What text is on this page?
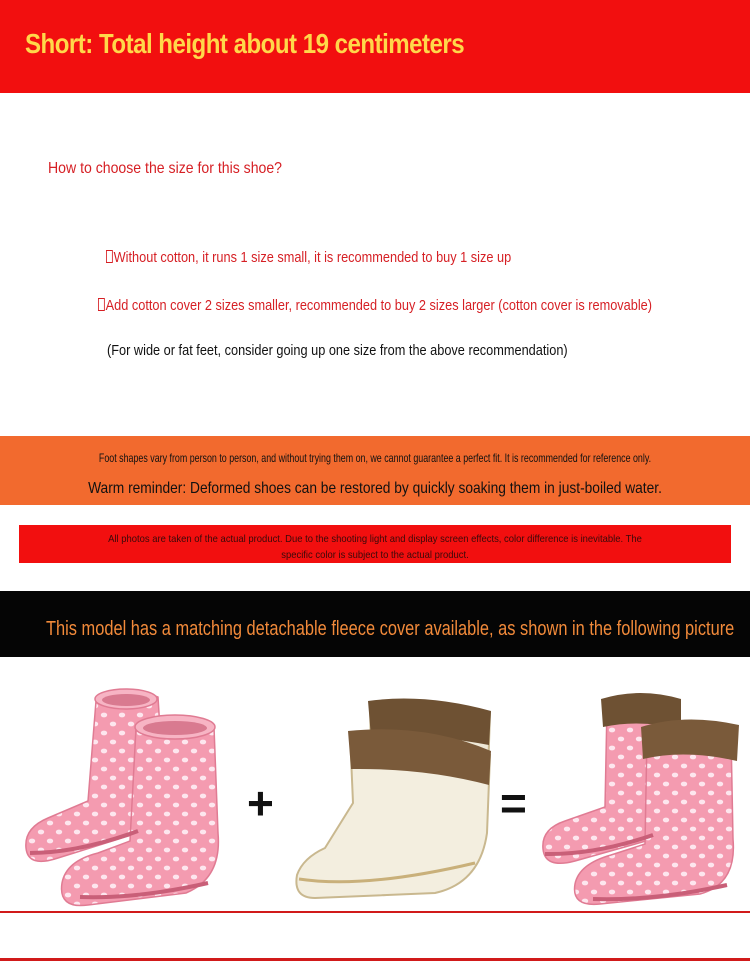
Short: Total height about 19 centimeters
How to choose the size for this shoe?
Without cotton, it runs 1 size small, it is recommended to buy 1 size up
Add cotton cover 2 sizes smaller, recommended to buy 2 sizes larger (cotton cover is removable)
(For wide or fat feet, consider going up one size from the above recommendation)
Foot shapes vary from person to person, and without trying them on, we cannot guarantee a perfect fit. It is recommended for reference only.
Warm reminder: Deformed shoes can be restored by quickly soaking them in just-boiled water.
All photos are taken of the actual product. Due to the shooting light and display screen effects, color difference is inevitable. The specific color is subject to the actual product.
This model has a matching detachable fleece cover available, as shown in the following picture
+	=
